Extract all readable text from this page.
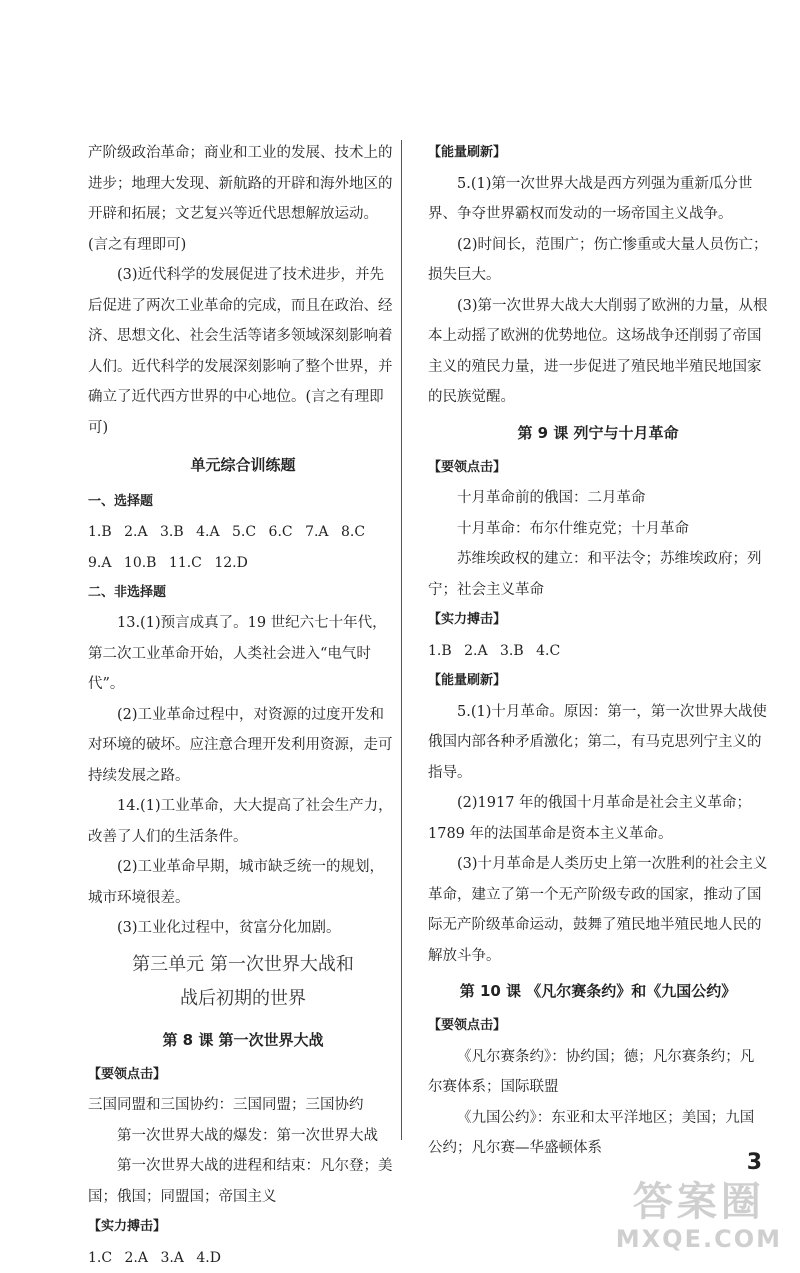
产阶级政治革命；商业和工业的发展、技术上的进步；地理大发现、新航路的开辟和海外地区的开辟和拓展；文艺复兴等近代思想解放运动。(言之有理即可)

(3)近代科学的发展促进了技术进步，并先后促进了两次工业革命的完成，而且在政治、经济、思想文化、社会生活等诸多领域深刻影响着人们。近代科学的发展深刻影响了整个世界，并确立了近代西方世界的中心地位。(言之有理即可)

单元综合训练题
一、选择题
1.B 2.A 3.B 4.A 5.C 6.C 7.A 8.C
9.A 10.B 11.C 12.D
二、非选择题

13.(1)预言成真了。19 世纪六七十年代，第二次工业革命开始，人类社会进入“电气时代”。

(2)工业革命过程中，对资源的过度开发和对环境的破坏。应注意合理开发利用资源，走可持续发展之路。

14.(1)工业革命，大大提高了社会生产力，改善了人们的生活条件。

(2)工业革命早期，城市缺乏统一的规划，城市环境很差。

(3)工业化过程中，贫富分化加剧。

第三单元 第一次世界大战和
战后初期的世界
第 8 课 第一次世界大战
【要领点击】

三国同盟和三国协约：三国同盟；三国协约

第一次世界大战的爆发：第一次世界大战

第一次世界大战的进程和结束：凡尔登；美国；俄国；同盟国；帝国主义

【实力搏击】
1.C 2.A 3.A 4.D
【能量刷新】

5.(1)第一次世界大战是西方列强为重新瓜分世界、争夺世界霸权而发动的一场帝国主义战争。

(2)时间长，范围广；伤亡惨重或大量人员伤亡；损失巨大。

(3)第一次世界大战大大削弱了欧洲的力量，从根本上动摇了欧洲的优势地位。这场战争还削弱了帝国主义的殖民力量，进一步促进了殖民地半殖民地国家的民族觉醒。

第 9 课 列宁与十月革命
【要领点击】

十月革命前的俄国：二月革命

十月革命：布尔什维克党；十月革命

苏维埃政权的建立：和平法令；苏维埃政府；列宁；社会主义革命

【实力搏击】
1.B 2.A 3.B 4.C
【能量刷新】

5.(1)十月革命。原因：第一，第一次世界大战使俄国内部各种矛盾激化；第二，有马克思列宁主义的指导。

(2)1917 年的俄国十月革命是社会主义革命；1789 年的法国革命是资本主义革命。

(3)十月革命是人类历史上第一次胜利的社会主义革命，建立了第一个无产阶级专政的国家，推动了国际无产阶级革命运动，鼓舞了殖民地半殖民地人民的解放斗争。

第 10 课 《凡尔赛条约》和《九国公约》
【要领点击】

《凡尔赛条约》：协约国；德；凡尔赛条约；凡尔赛体系；国际联盟

《九国公约》：东亚和太平洋地区；美国；九国公约；凡尔赛—华盛顿体系

3
答案圈
MXQE.COM
